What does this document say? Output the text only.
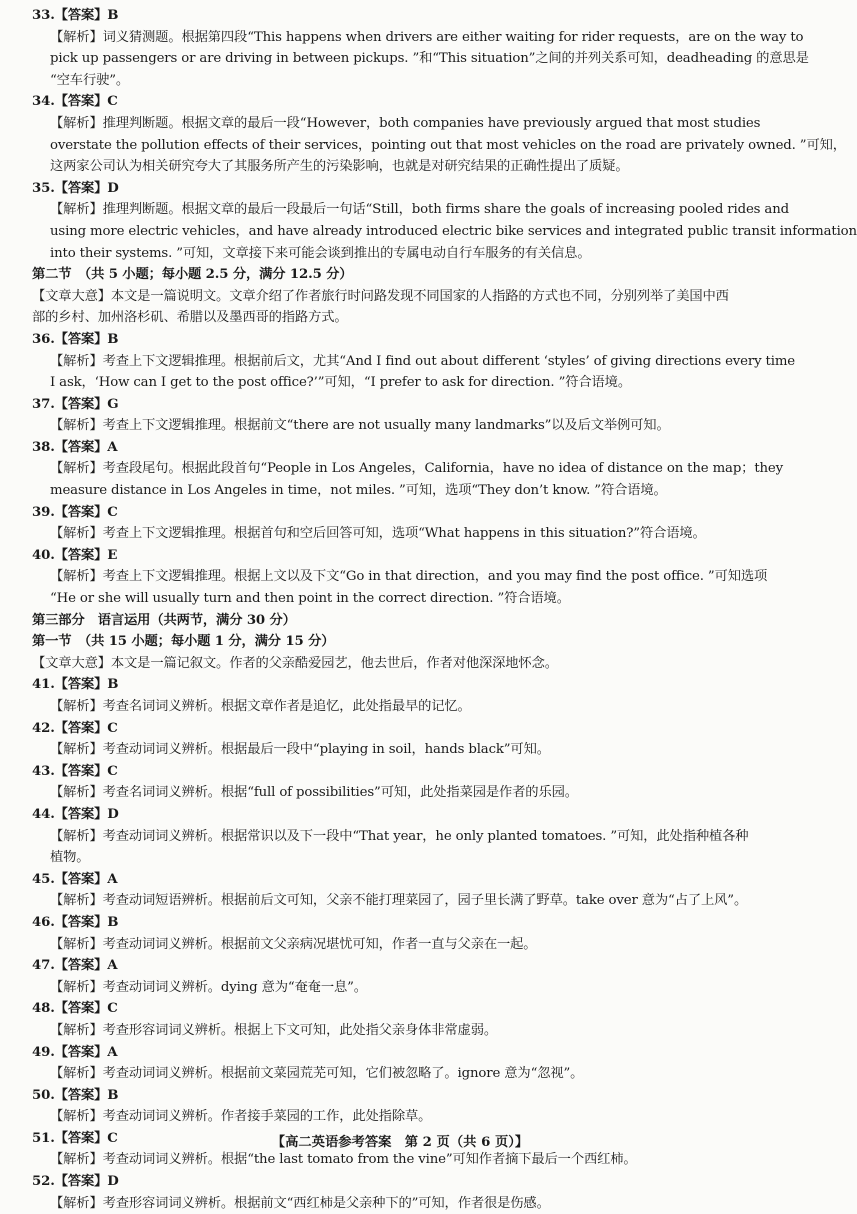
33.【答案】B
【解析】词义猜测题。根据第四段“This happens when drivers are either waiting for rider requests，are on the way to
pick up passengers or are driving in between pickups. ”和“This situation”之间的并列关系可知，deadheading 的意思是
“空车行驶”。
34.【答案】C
【解析】推理判断题。根据文章的最后一段“However，both companies have previously argued that most studies
overstate the pollution effects of their services，pointing out that most vehicles on the road are privately owned. ”可知，
这两家公司认为相关研究夸大了其服务所产生的污染影响，也就是对研究结果的正确性提出了质疑。
35.【答案】D
【解析】推理判断题。根据文章的最后一段最后一句话“Still，both firms share the goals of increasing pooled rides and
using more electric vehicles，and have already introduced electric bike services and integrated public transit information
into their systems. ”可知，文章接下来可能会谈到推出的专属电动自行车服务的有关信息。
第二节　（共 5 小题；每小题 2.5 分，满分 12.5 分）
【文章大意】本文是一篇说明文。文章介绍了作者旅行时问路发现不同国家的人指路的方式也不同，分别列举了美国中西
部的乡村、加州洛杉矶、希腊以及墨西哥的指路方式。
36.【答案】B
【解析】考查上下文逻辑推理。根据前后文，尤其“And I find out about different ‘styles’ of giving directions every time
I ask，‘How can I get to the post office?’”可知，“I prefer to ask for direction. ”符合语境。
37.【答案】G
【解析】考查上下文逻辑推理。根据前文“there are not usually many landmarks”以及后文举例可知。
38.【答案】A
【解析】考查段尾句。根据此段首句“People in Los Angeles，California，have no idea of distance on the map；they
measure distance in Los Angeles in time，not miles. ”可知，选项“They don’t know. ”符合语境。
39.【答案】C
【解析】考查上下文逻辑推理。根据首句和空后回答可知，选项“What happens in this situation?”符合语境。
40.【答案】E
【解析】考查上下文逻辑推理。根据上文以及下文“Go in that direction，and you may find the post office. ”可知选项
“He or she will usually turn and then point in the correct direction. ”符合语境。
第三部分　语言运用（共两节，满分 30 分）
第一节　（共 15 小题；每小题 1 分，满分 15 分）
【文章大意】本文是一篇记叙文。作者的父亲酷爱园艺，他去世后，作者对他深深地怀念。
41.【答案】B
【解析】考查名词词义辨析。根据文章作者是追忆，此处指最早的记忆。
42.【答案】C
【解析】考查动词词义辨析。根据最后一段中“playing in soil，hands black”可知。
43.【答案】C
【解析】考查名词词义辨析。根据“full of possibilities”可知，此处指菜园是作者的乐园。
44.【答案】D
【解析】考查动词词义辨析。根据常识以及下一段中“That year，he only planted tomatoes. ”可知，此处指种植各种
植物。
45.【答案】A
【解析】考查动词短语辨析。根据前后文可知，父亲不能打理菜园了，园子里长满了野草。take over 意为“占了上风”。
46.【答案】B
【解析】考查动词词义辨析。根据前文父亲病况堪忧可知，作者一直与父亲在一起。
47.【答案】A
【解析】考查动词词义辨析。dying 意为“奄奄一息”。
48.【答案】C
【解析】考查形容词词义辨析。根据上下文可知，此处指父亲身体非常虚弱。
49.【答案】A
【解析】考查动词词义辨析。根据前文菜园荒芜可知，它们被忽略了。ignore 意为“忽视”。
50.【答案】B
【解析】考查动词词义辨析。作者接手菜园的工作，此处指除草。
51.【答案】C
【解析】考查动词词义辨析。根据“the last tomato from the vine”可知作者摘下最后一个西红柿。
52.【答案】D
【解析】考查形容词词义辨析。根据前文“西红柿是父亲种下的”可知，作者很是伤感。
【高二英语参考答案　第 2 页（共 6 页）】
